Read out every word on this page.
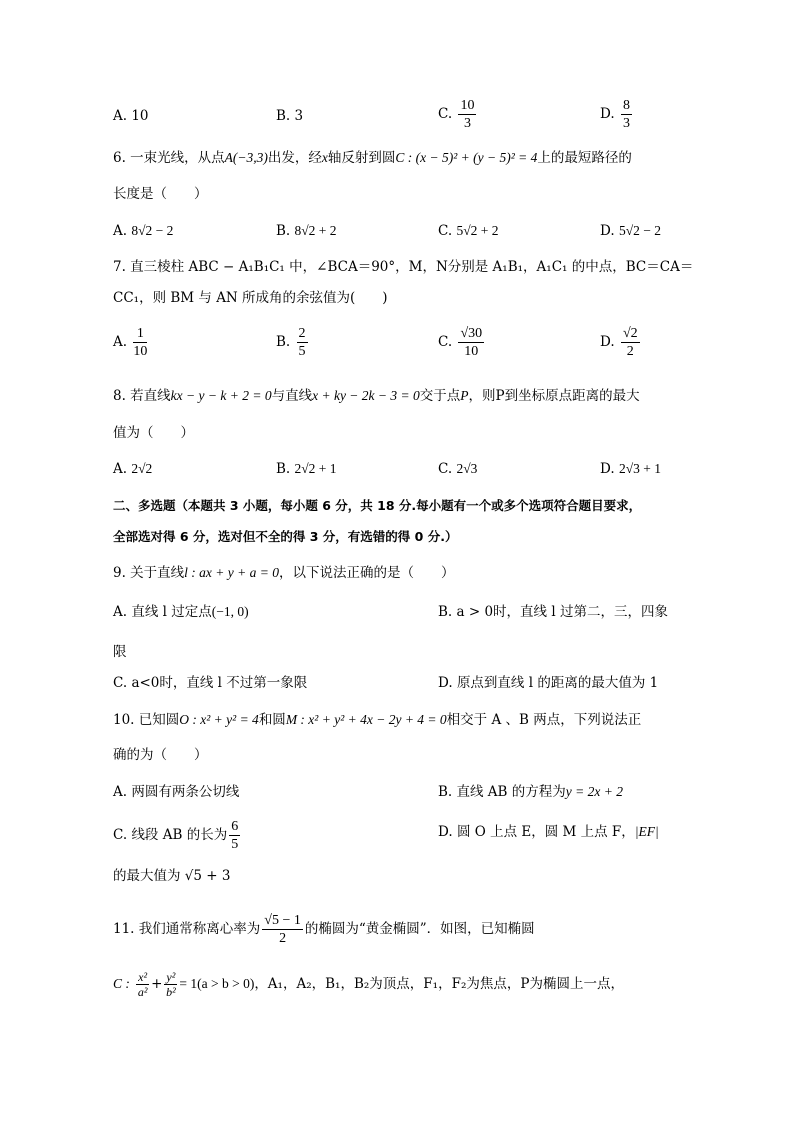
A. 10	B. 3	C. $\frac{10}{3}$	D. $\frac{8}{3}$
6. 一束光线，从点A(−3,3)出发，经x轴反射到圆C : (x − 5)² + (y − 5)² = 4上的最短路径的
长度是（　　）
A. 8√2 − 2	B. 8√2 + 2	C. 5√2 + 2	D. 5√2 − 2
7. 直三棱柱 ABC − A₁B₁C₁ 中，∠BCA＝90°，M，N分别是 A₁B₁，A₁C₁ 的中点，BC＝CA＝
CC₁，则 BM 与 AN 所成角的余弦值为(　　)
A. $\frac{1}{10}$	B. $\frac{2}{5}$	C. $\frac{√30}{10}$	D. $\frac{√2}{2}$
8. 若直线kx − y − k + 2 = 0与直线x + ky − 2k − 3 = 0交于点P，则P到坐标原点距离的最大
值为（　　）
A. 2√2	B. 2√2 + 1	C. 2√3	D. 2√3 + 1
二、多选题（本题共 3 小题，每小题 6 分，共 18 分.每小题有一个或多个选项符合题目要求，
全部选对得 6 分，选对但不全的得 3 分，有选错的得 0 分.）
9. 关于直线l : ax + y + a = 0，以下说法正确的是（　　）
A. 直线 l 过定点(−1, 0)	B. a > 0时，直线 l 过第二，三，四象
限
C. a<0时，直线 l 不过第一象限	D. 原点到直线 l 的距离的最大值为 1
10. 已知圆O : x² + y² = 4和圆M : x² + y² + 4x − 2y + 4 = 0相交于 A 、B 两点，下列说法正
确的为（　　）
A. 两圆有两条公切线	B. 直线 AB 的方程为y = 2x + 2
C. 线段 AB 的长为 $\frac{6}{5}$	D. 圆 O 上点 E，圆 M 上点 F，|EF|
的最大值为 √5 + 3
11. 我们通常称离心率为 $\frac{√5 - 1}{2}$ 的椭圆为“黄金椭圆”．如图，已知椭圆
C : $\frac{\text{x²}}{\text{a²}} + \frac{\text{y²}}{\text{b²}} = 1(a > b > 0)$，A₁，A₂，B₁，B₂为顶点，F₁，F₂为焦点，P为椭圆上一点，
